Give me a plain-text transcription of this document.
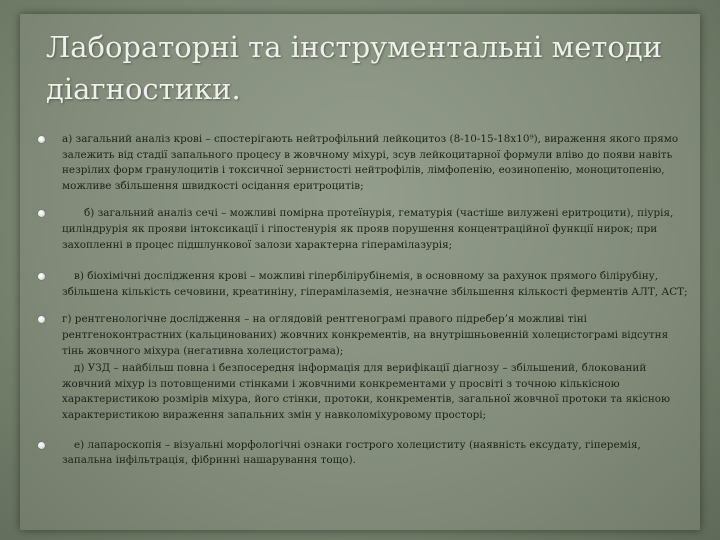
Лабораторні та інструментальні методи діагностики.

а) загальний аналіз крові – спостерігають нейтрофільний лейкоцитоз (8-10-15-18х10⁹), вираження якого прямо залежить від стадії запального процесу в жовчному міхурі, зсув лейкоцитарної формули вліво до появи навіть незрілих форм гранулоцитів і токсичної зернистості нейтрофілів, лімфопенію, еозинопенію, моноцитопенію, можливе збільшення швидкості осідання еритроцитів;

б) загальний аналіз сечі – можливі помірна протеїнурія, гематурія (частіше вилужені еритроцити), піурія, циліндрурія як прояви інтоксикації і гіпостенурія як прояв порушення концентраційної функції нирок; при захопленні в процес підшлункової залози характерна гіперамілазурія;

в) біохімічні дослідження крові – можливі гіпербілірубінемія, в основному за рахунок прямого білірубіну, збільшена кількість сечовини, креатиніну, гіперамілаземія, незначне збільшення кількості ферментів АЛТ, АСТ;

г) рентгенологічне дослідження – на оглядовій рентгенограмі правого підребер’я можливі тіні рентгеноконтрастних (кальцинованих) жовчних конкрементів, на внутрішньовенній холецистограмі відсутня тінь жовчного міхура (негативна холецистограма);

д) УЗД – найбільш повна і безпосередня інформація для верифікації діагнозу – збільшений, блокований жовчний міхур із потовщеними стінками і жовчними конкрементами у просвіті з точною кількісною характеристикою розмірів міхура, його стінки, протоки, конкрементів, загальної жовчної протоки та якісною характеристикою вираження запальних змін у навколоміхуровому просторі;

е) лапароскопія – візуальні морфологічні ознаки гострого холециститу (наявність ексудату, гіперемія, запальна інфільтрація, фібринні нашарування тощо).
